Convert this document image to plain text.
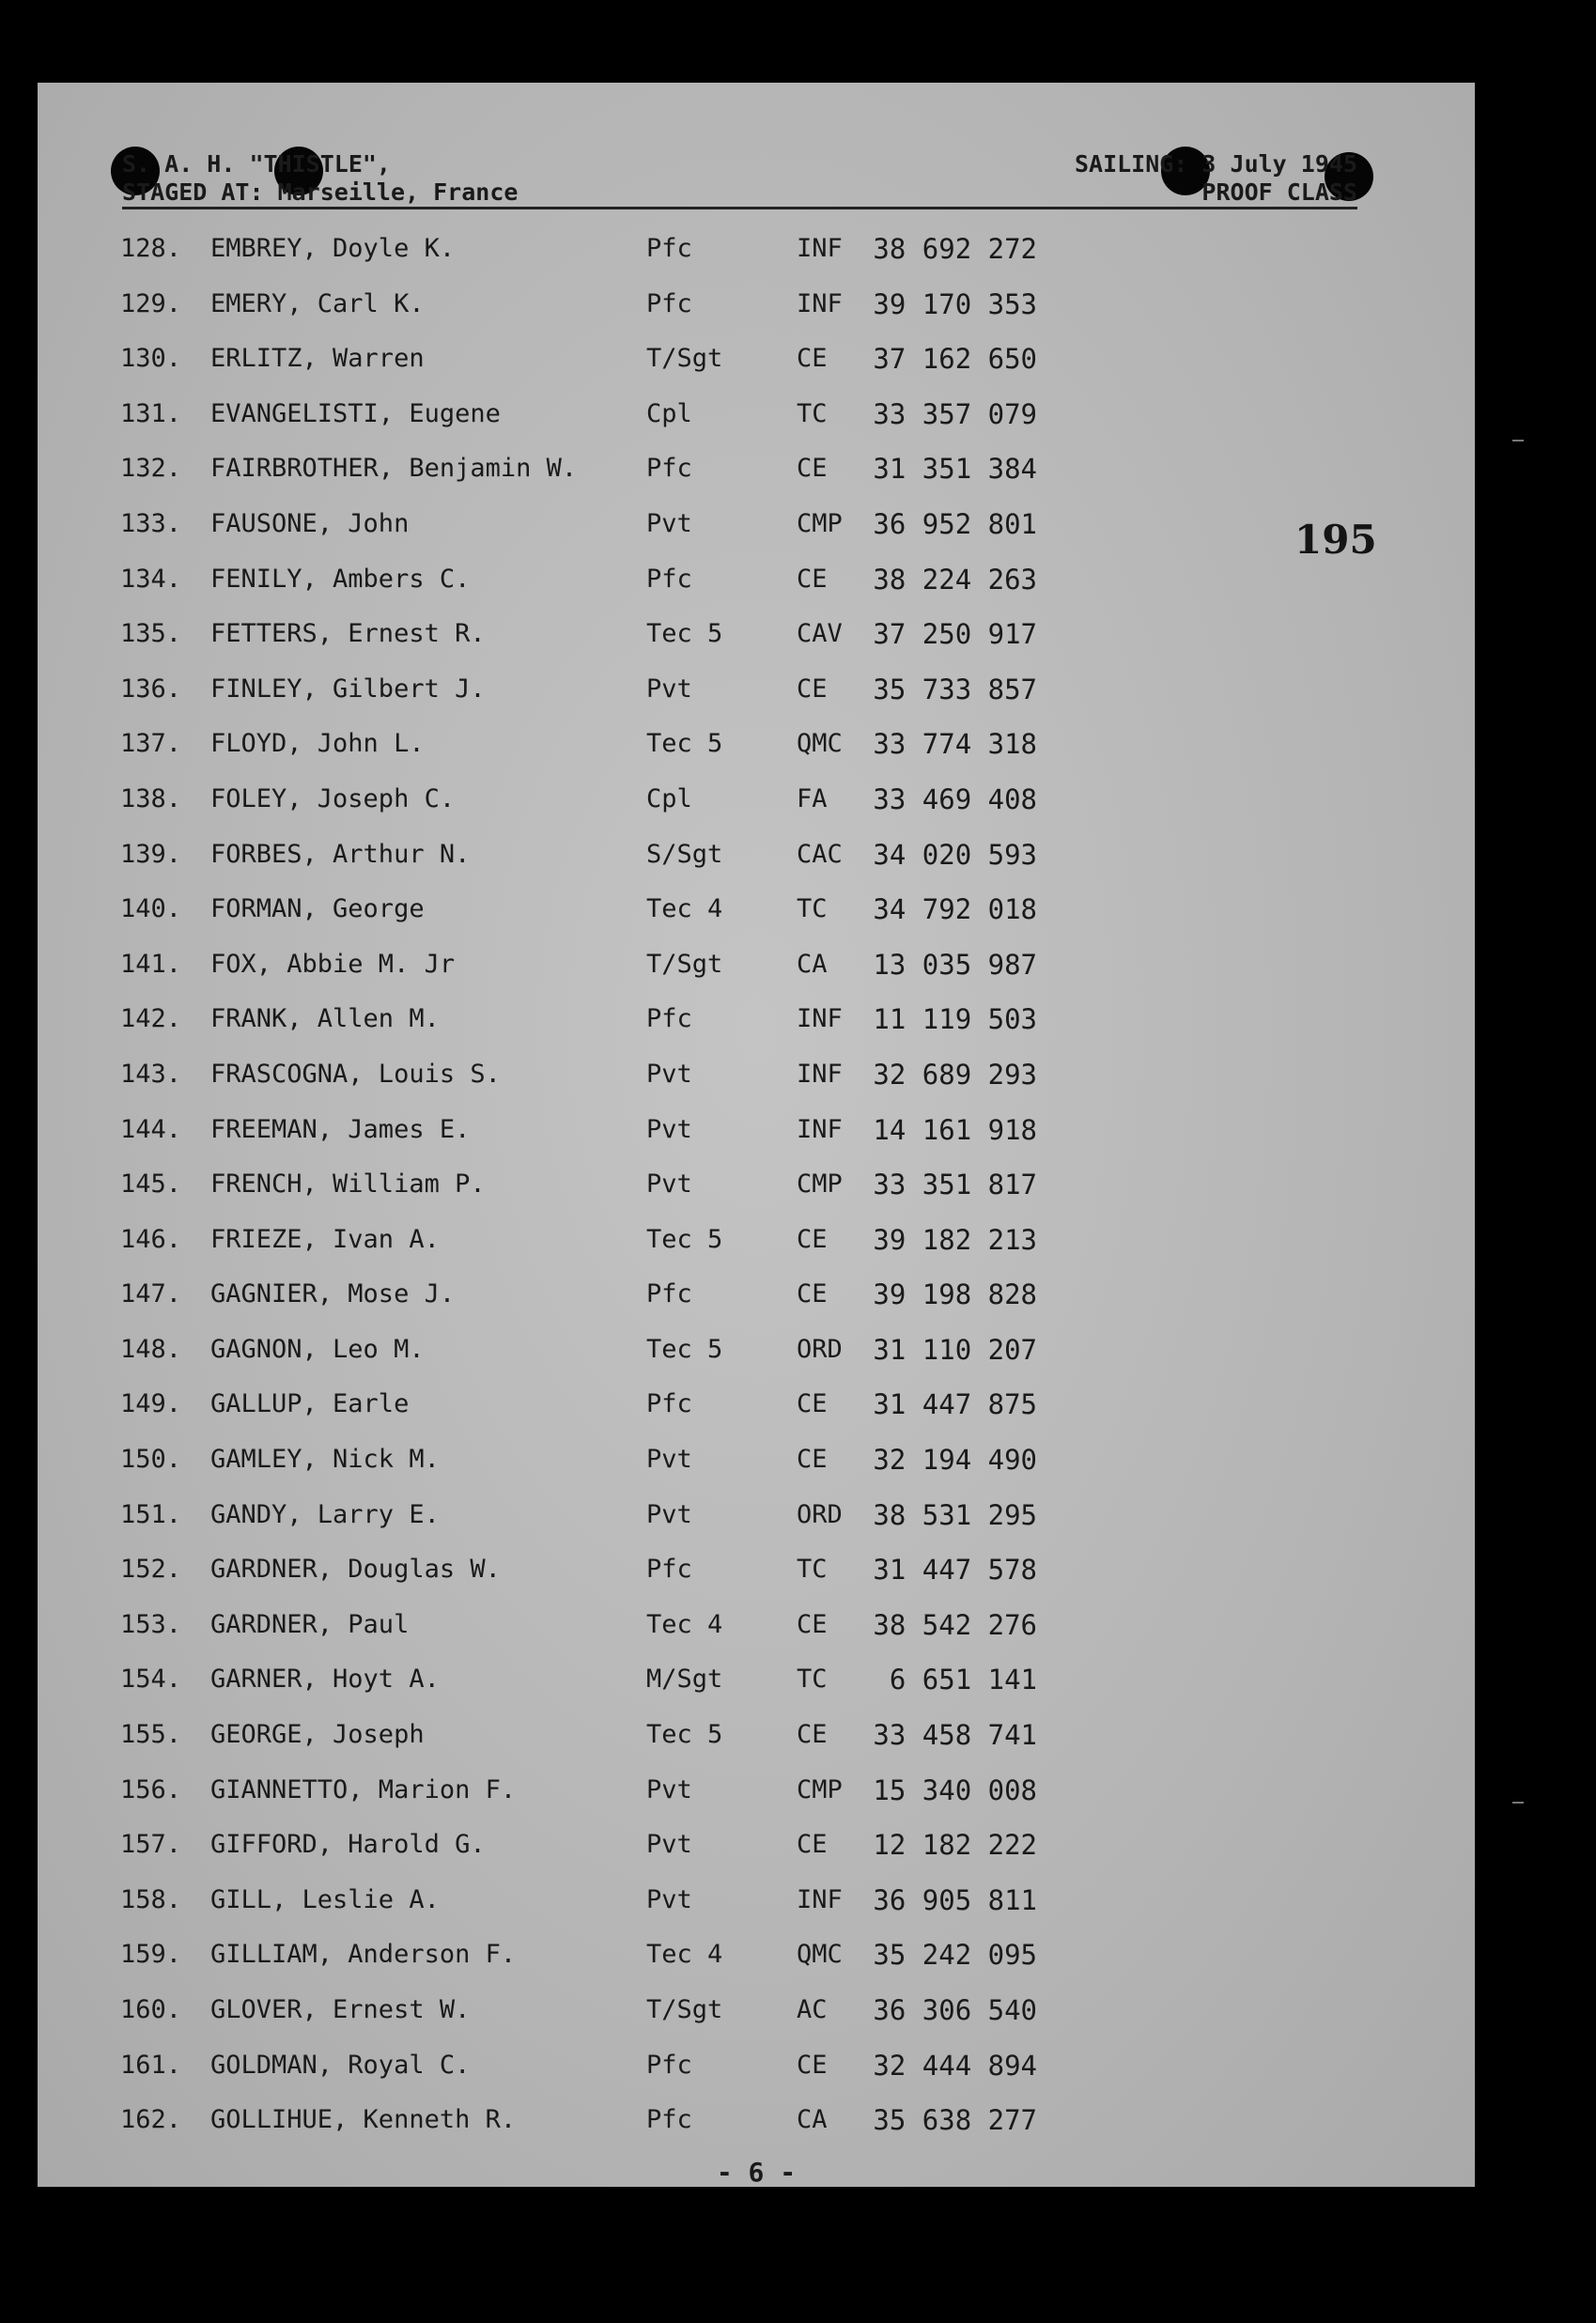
S. A. H. "THISTLE",	SAILING: 3 July 1945
STAGED AT: Marseille, France	PROOF CLASS
195
128.	EMBREY, Doyle K.	Pfc	INF	38 692 272
129.	EMERY, Carl K.	Pfc	INF	39 170 353
130.	ERLITZ, Warren	T/Sgt	CE	37 162 650
131.	EVANGELISTI, Eugene	Cpl	TC	33 357 079
132.	FAIRBROTHER, Benjamin W.	Pfc	CE	31 351 384
133.	FAUSONE, John	Pvt	CMP	36 952 801
134.	FENILY, Ambers C.	Pfc	CE	38 224 263
135.	FETTERS, Ernest R.	Tec 5	CAV	37 250 917
136.	FINLEY, Gilbert J.	Pvt	CE	35 733 857
137.	FLOYD, John L.	Tec 5	QMC	33 774 318
138.	FOLEY, Joseph C.	Cpl	FA	33 469 408
139.	FORBES, Arthur N.	S/Sgt	CAC	34 020 593
140.	FORMAN, George	Tec 4	TC	34 792 018
141.	FOX, Abbie M. Jr	T/Sgt	CA	13 035 987
142.	FRANK, Allen M.	Pfc	INF	11 119 503
143.	FRASCOGNA, Louis S.	Pvt	INF	32 689 293
144.	FREEMAN, James E.	Pvt	INF	14 161 918
145.	FRENCH, William P.	Pvt	CMP	33 351 817
146.	FRIEZE, Ivan A.	Tec 5	CE	39 182 213
147.	GAGNIER, Mose J.	Pfc	CE	39 198 828
148.	GAGNON, Leo M.	Tec 5	ORD	31 110 207
149.	GALLUP, Earle	Pfc	CE	31 447 875
150.	GAMLEY, Nick M.	Pvt	CE	32 194 490
151.	GANDY, Larry E.	Pvt	ORD	38 531 295
152.	GARDNER, Douglas W.	Pfc	TC	31 447 578
153.	GARDNER, Paul	Tec 4	CE	38 542 276
154.	GARNER, Hoyt A.	M/Sgt	TC	6 651 141
155.	GEORGE, Joseph	Tec 5	CE	33 458 741
156.	GIANNETTO, Marion F.	Pvt	CMP	15 340 008
157.	GIFFORD, Harold G.	Pvt	CE	12 182 222
158.	GILL, Leslie A.	Pvt	INF	36 905 811
159.	GILLIAM, Anderson F.	Tec 4	QMC	35 242 095
160.	GLOVER, Ernest W.	T/Sgt	AC	36 306 540
161.	GOLDMAN, Royal C.	Pfc	CE	32 444 894
162.	GOLLIHUE, Kenneth R.	Pfc	CA	35 638 277
- 6 -
